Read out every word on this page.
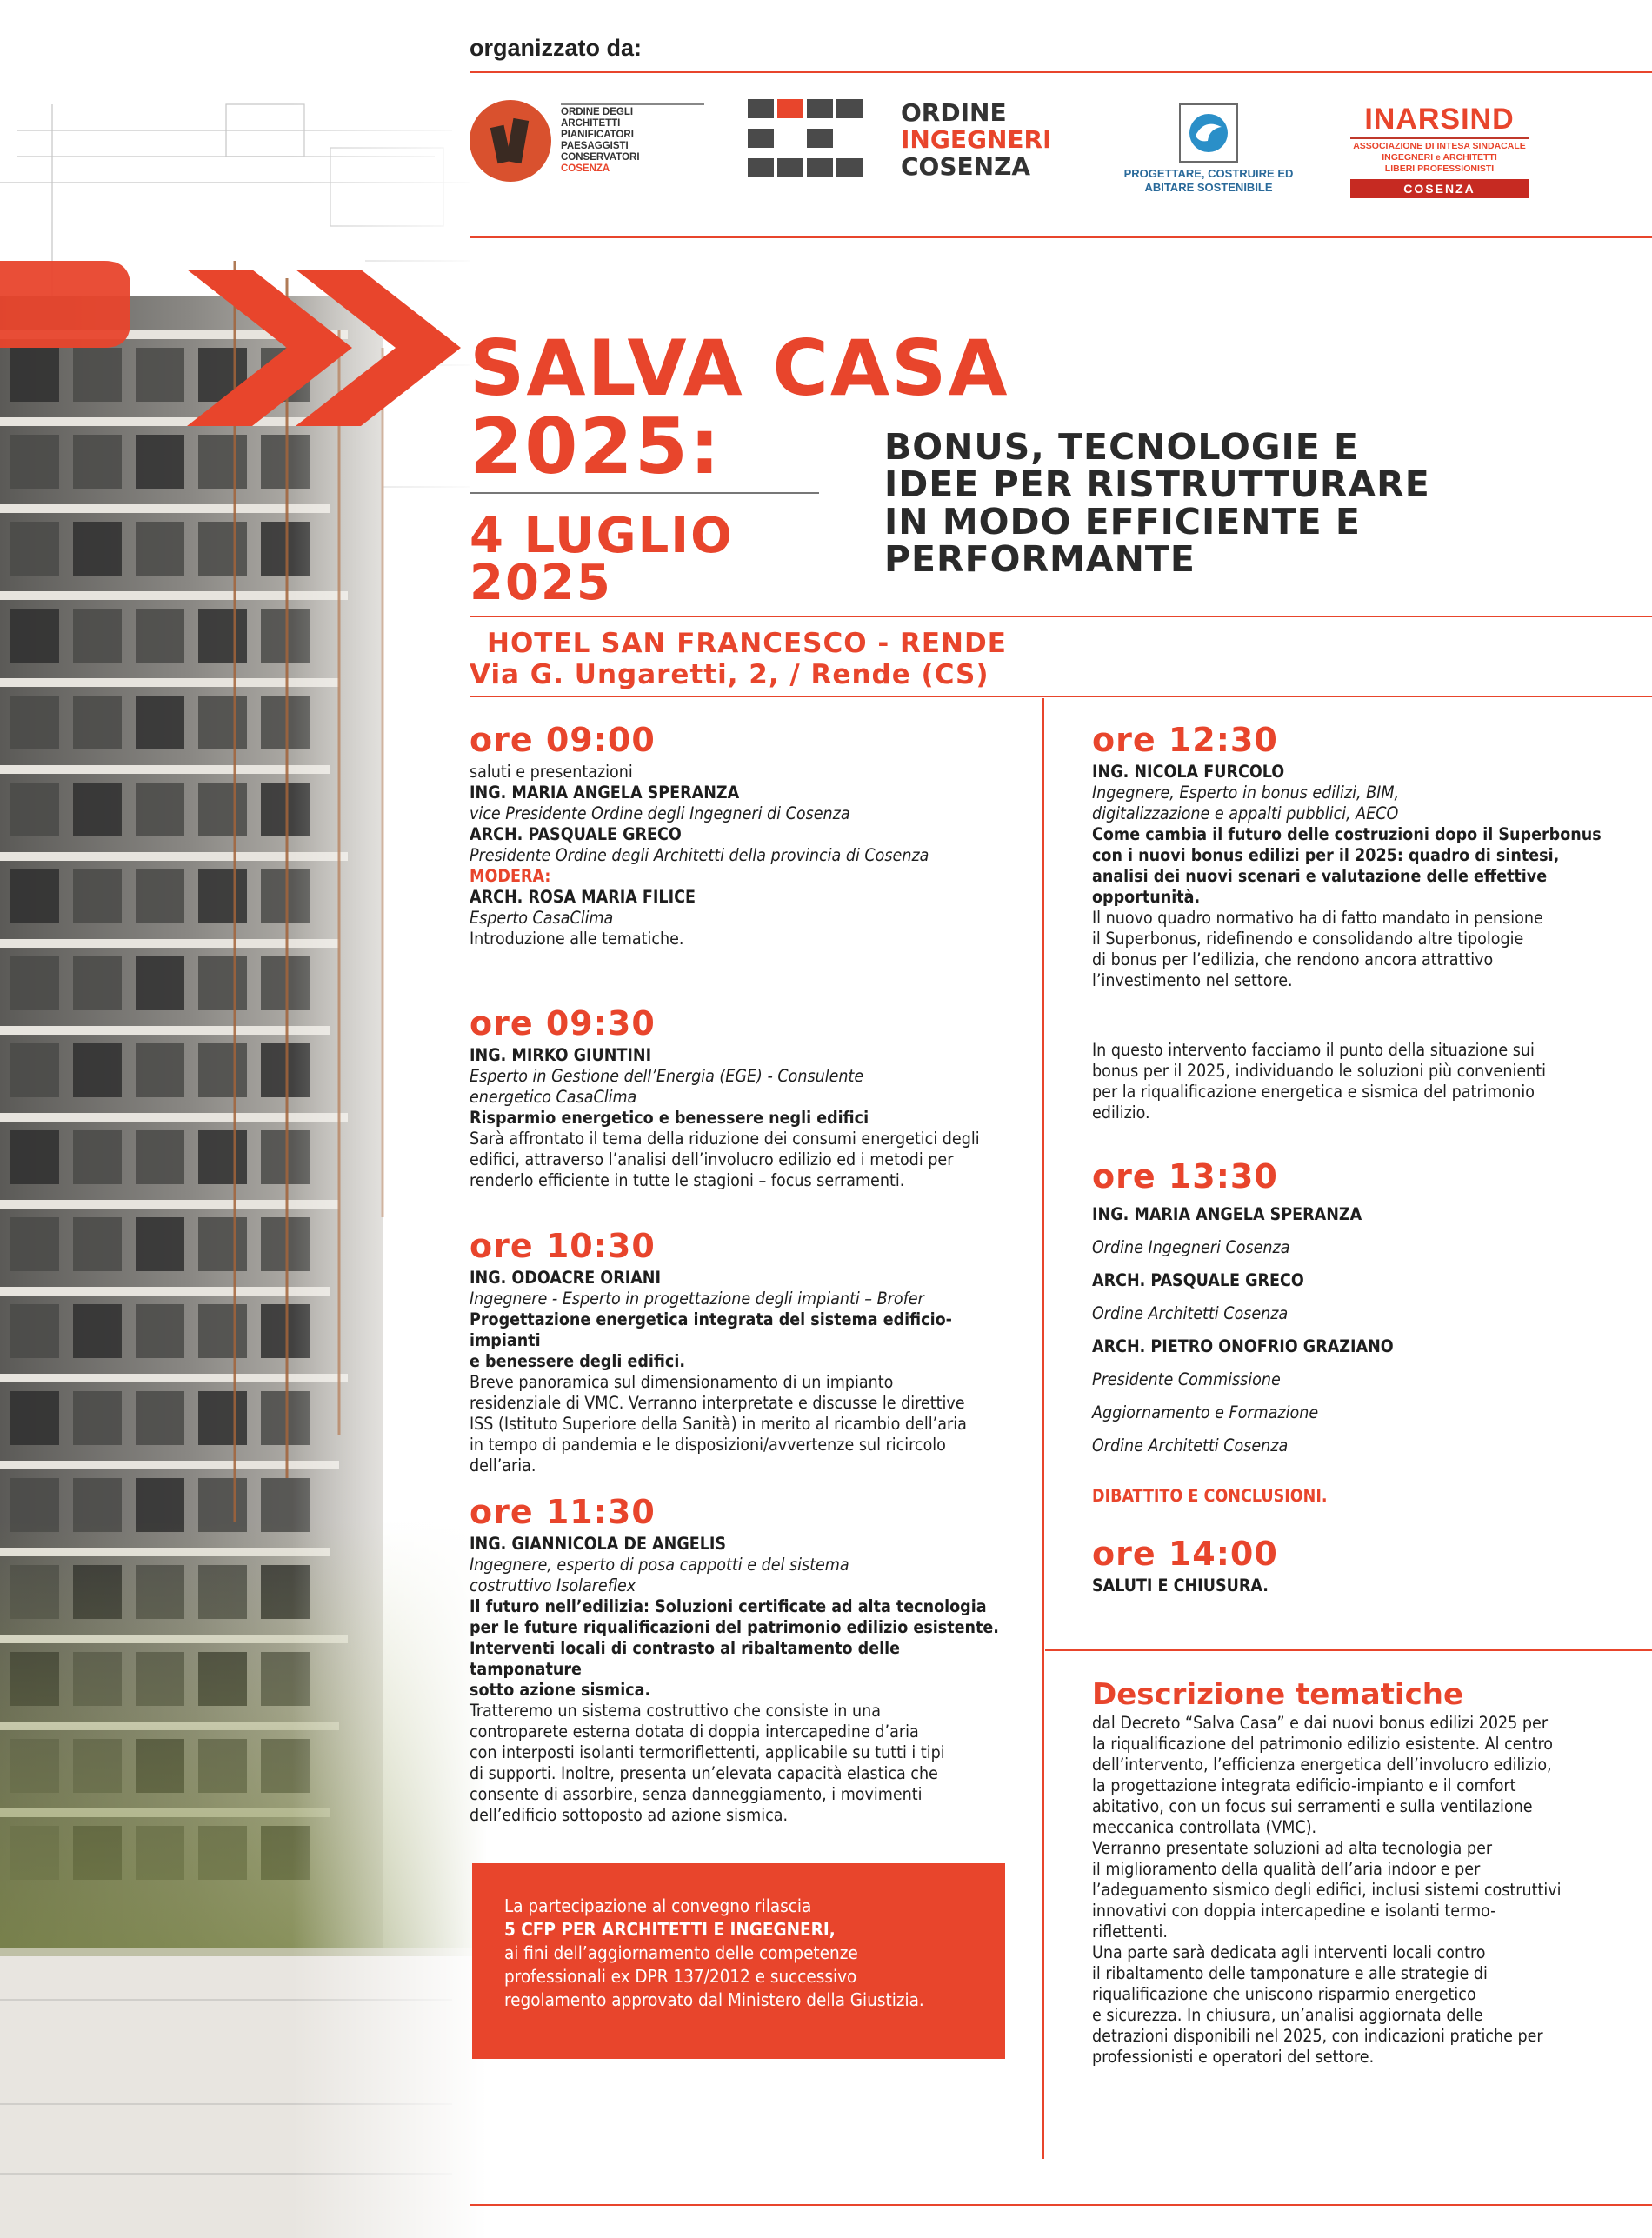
organizzato da:
ORDINE DEGLI
ARCHITETTI
PIANIFICATORI
PAESAGGISTI
CONSERVATORI
COSENZA
ORDINE
INGEGNERI
COSENZA	PROGETTARE, COSTRUIRE ED
ABITARE SOSTENIBILE
INARSIND
ASSOCIAZIONE DI INTESA SINDACALE
INGEGNERI e ARCHITETTI
LIBERI PROFESSIONISTI
COSENZA
SALVA CASA
2025:	BONUS, TECNOLOGIE E
IDEE PER RISTRUTTURARE
IN MODO EFFICIENTE E
PERFORMANTE
4 LUGLIO
2025
HOTEL SAN FRANCESCO - RENDE
Via G. Ungaretti, 2, / Rende (CS)
ore 09:00

saluti e presentazioni

ING. MARIA ANGELA SPERANZA

vice Presidente Ordine degli Ingegneri di Cosenza

ARCH. PASQUALE GRECO

Presidente Ordine degli Architetti della provincia di Cosenza

MODERA:

ARCH. ROSA MARIA FILICE

Esperto CasaClima

Introduzione alle tematiche.

ore 09:30

ING. MIRKO GIUNTINI

Esperto in Gestione dell’Energia (EGE) - Consulente

energetico CasaClima

Risparmio energetico e benessere negli edifici

Sarà affrontato il tema della riduzione dei consumi energetici degli

edifici, attraverso l’analisi dell’involucro edilizio ed i metodi per

renderlo efficiente in tutte le stagioni – focus serramenti.

ore 10:30

ING. ODOACRE ORIANI

Ingegnere - Esperto in progettazione degli impianti – Brofer

Progettazione energetica integrata del sistema edificio-impianti

e benessere degli edifici.

Breve panoramica sul dimensionamento di un impianto

residenziale di VMC. Verranno interpretate e discusse le direttive

ISS (Istituto Superiore della Sanità) in merito al ricambio dell’aria

in tempo di pandemia e le disposizioni/avvertenze sul ricircolo

dell’aria.

ore 11:30

ING. GIANNICOLA DE ANGELIS

Ingegnere, esperto di posa cappotti e del sistema

costruttivo Isolareflex

Il futuro nell’edilizia: Soluzioni certificate ad alta tecnologia

per le future riqualificazioni del patrimonio edilizio esistente.

Interventi locali di contrasto al ribaltamento delle tamponature

sotto azione sismica.

Tratteremo un sistema costruttivo che consiste in una

controparete esterna dotata di doppia intercapedine d’aria

con interposti isolanti termoriflettenti, applicabile su tutti i tipi

di supporti. Inoltre, presenta un’elevata capacità elastica che

consente di assorbire, senza danneggiamento, i movimenti

dell’edificio sottoposto ad azione sismica.

ore 12:30

ING. NICOLA FURCOLO

Ingegnere, Esperto in bonus edilizi, BIM,

digitalizzazione e appalti pubblici, AECO

Come cambia il futuro delle costruzioni dopo il Superbonus

con i nuovi bonus edilizi per il 2025: quadro di sintesi,

analisi dei nuovi scenari e valutazione delle effettive

opportunità.

Il nuovo quadro normativo ha di fatto mandato in pensione

il Superbonus, ridefinendo e consolidando altre tipologie

di bonus per l’edilizia, che rendono ancora attrattivo

l’investimento nel settore.

In questo intervento facciamo il punto della situazione sui

bonus per il 2025, individuando le soluzioni più convenienti

per la riqualificazione energetica e sismica del patrimonio

edilizio.

ore 13:30

ING. MARIA ANGELA SPERANZA

Ordine Ingegneri Cosenza

ARCH. PASQUALE GRECO

Ordine Architetti Cosenza

ARCH. PIETRO ONOFRIO GRAZIANO

Presidente Commissione

Aggiornamento e Formazione

Ordine Architetti Cosenza

DIBATTITO E CONCLUSIONI.

ore 14:00

SALUTI E CHIUSURA.

La partecipazione al convegno rilascia

5 CFP PER ARCHITETTI E INGEGNERI,

ai fini dell’aggiornamento delle competenze

professionali ex DPR 137/2012 e successivo

regolamento approvato dal Ministero della Giustizia.

Descrizione tematiche

dal Decreto “Salva Casa” e dai nuovi bonus edilizi 2025 per

la riqualificazione del patrimonio edilizio esistente. Al centro

dell’intervento, l’efficienza energetica dell’involucro edilizio,

la progettazione integrata edificio-impianto e il comfort

abitativo, con un focus sui serramenti e sulla ventilazione

meccanica controllata (VMC).

Verranno presentate soluzioni ad alta tecnologia per

il miglioramento della qualità dell’aria indoor e per

l’adeguamento sismico degli edifici, inclusi sistemi costruttivi

innovativi con doppia intercapedine e isolanti termo-

riflettenti.

Una parte sarà dedicata agli interventi locali contro

il ribaltamento delle tamponature e alle strategie di

riqualificazione che uniscono risparmio energetico

e sicurezza. In chiusura, un’analisi aggiornata delle

detrazioni disponibili nel 2025, con indicazioni pratiche per

professionisti e operatori del settore.
